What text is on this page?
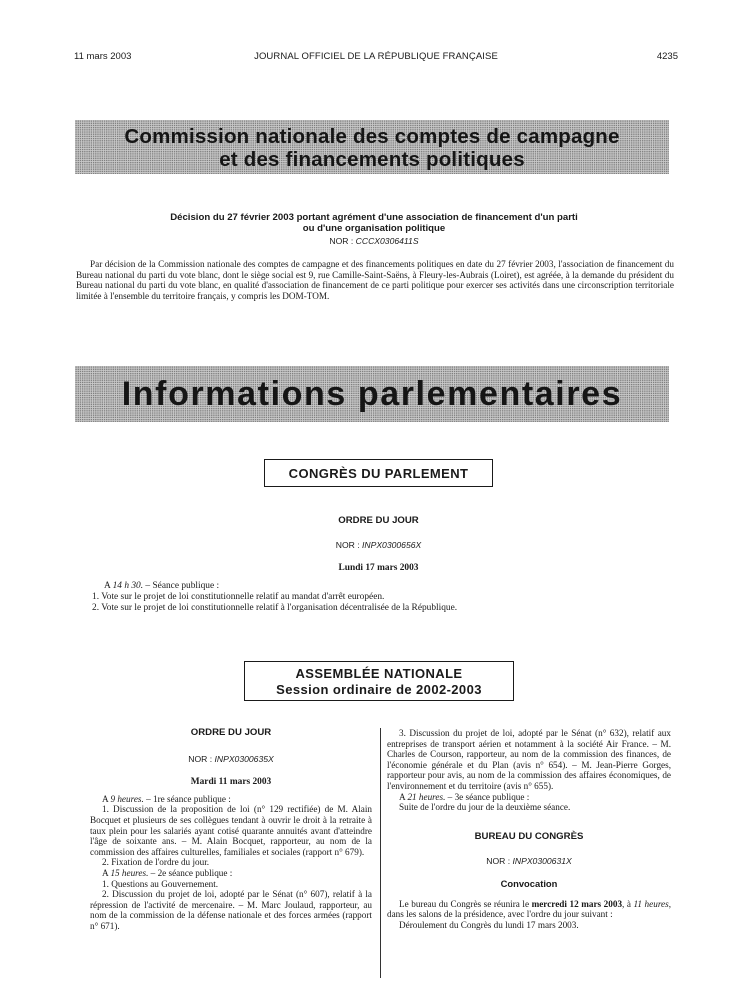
11 mars 2003	JOURNAL OFFICIEL DE LA RÉPUBLIQUE FRANÇAISE	4235
Commission nationale des comptes de campagne
et des financements politiques
Décision du 27 février 2003 portant agrément d'une association de financement d'un parti
ou d'une organisation politique
NOR : CCCX0306411S

Par décision de la Commission nationale des comptes de campagne et des financements politiques en date du 27 février 2003, l'association de financement du Bureau national du parti du vote blanc, dont le siège social est 9, rue Camille-Saint-Saëns, à Fleury-les-Aubrais (Loiret), est agréée, à la demande du président du Bureau national du parti du vote blanc, en qualité d'association de financement de ce parti politique pour exercer ses activités dans une circonscription territoriale limitée à l'ensemble du territoire français, y compris les DOM-TOM.

Informations parlementaires
CONGRÈS DU PARLEMENT
ORDRE DU JOUR
NOR : INPX0300656X
Lundi 17 mars 2003
A 14 h 30. – Séance publique :
1. Vote sur le projet de loi constitutionnelle relatif au mandat d'arrêt européen.
2. Vote sur le projet de loi constitutionnelle relatif à l'organisation décentralisée de la République.
ASSEMBLÉE NATIONALE
Session ordinaire de 2002-2003
ORDRE DU JOUR
NOR : INPX0300635X
Mardi 11 mars 2003
A 9 heures. – 1re séance publique :
1. Discussion de la proposition de loi (n° 129 rectifiée) de M. Alain Bocquet et plusieurs de ses collègues tendant à ouvrir le droit à la retraite à taux plein pour les salariés ayant cotisé quarante annuités avant d'atteindre l'âge de soixante ans. – M. Alain Bocquet, rapporteur, au nom de la commission des affaires culturelles, familiales et sociales (rapport n° 679).
2. Fixation de l'ordre du jour.
A 15 heures. – 2e séance publique :
1. Questions au Gouvernement.
2. Discussion du projet de loi, adopté par le Sénat (n° 607), relatif à la répression de l'activité de mercenaire. – M. Marc Joulaud, rapporteur, au nom de la commission de la défense nationale et des forces armées (rapport n° 671).
3. Discussion du projet de loi, adopté par le Sénat (n° 632), relatif aux entreprises de transport aérien et notamment à la société Air France. – M. Charles de Courson, rapporteur, au nom de la commission des finances, de l'économie générale et du Plan (avis n° 654). – M. Jean-Pierre Gorges, rapporteur pour avis, au nom de la commission des affaires économiques, de l'environnement et du territoire (avis n° 655).
A 21 heures. – 3e séance publique :
Suite de l'ordre du jour de la deuxième séance.
BUREAU DU CONGRÈS
NOR : INPX0300631X
Convocation
Le bureau du Congrès se réunira le mercredi 12 mars 2003, à 11 heures, dans les salons de la présidence, avec l'ordre du jour suivant :
Déroulement du Congrès du lundi 17 mars 2003.
